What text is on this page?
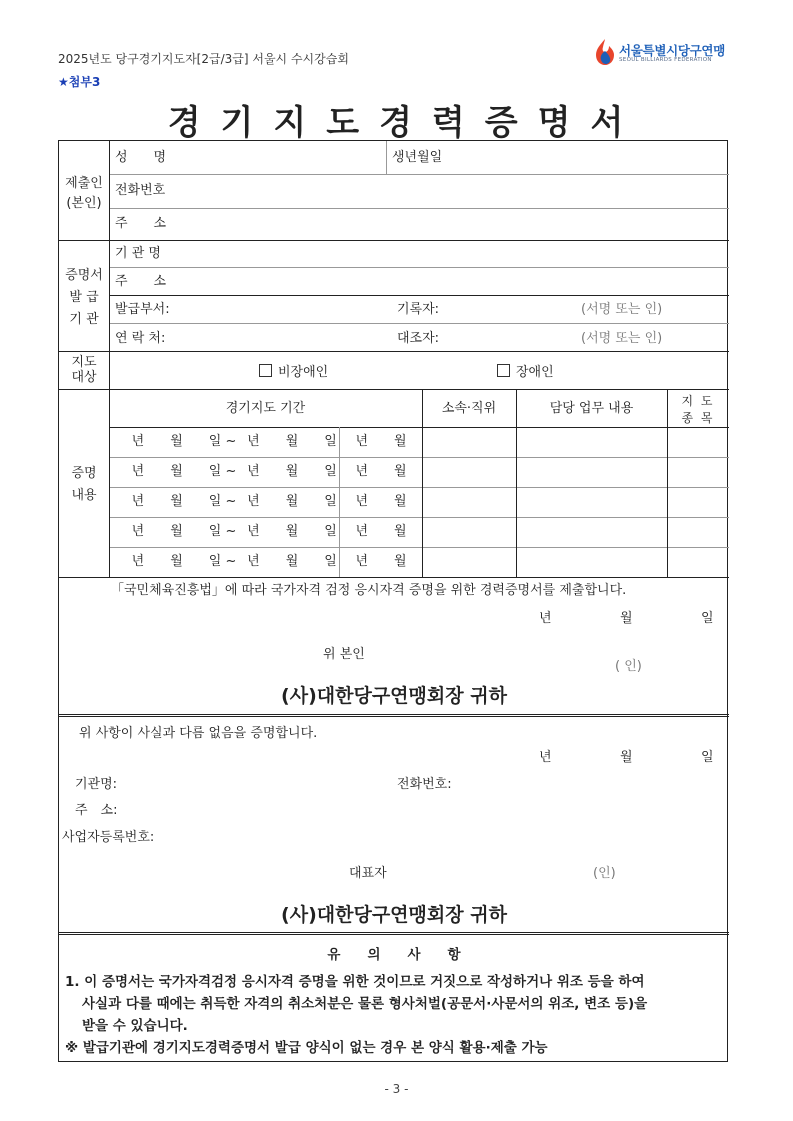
2025년도 당구경기지도자[2급/3급] 서울시 수시강습회
★첨부3
서울특별시당구연맹
SEOUL BILLIARDS FEDERATION
경기지도경력증명서
제출인
(본인)
성　　명	생년월일
전화번호
주　　소
증명서
발 급
기 관
기 관 명
주　　소
발급부서:	기록자:	(서명 또는 인)
연 락 처:	대조자:	(서명 또는 인)
지도
대상	비장애인	장애인
증명
내용
경기지도 기간	소속·직위	담당 업무 내용	지 도
종 목
년　　월　　일 ~ 년　　월　　일	년　　월
년　　월　　일 ~ 년　　월　　일	년　　월
년　　월　　일 ~ 년　　월　　일	년　　월
년　　월　　일 ~ 년　　월　　일	년　　월
년　　월　　일 ~ 년　　월　　일	년　　월
「국민체육진흥법」에 따라 국가자격 검정 응시자격 증명을 위한 경력증명서를 제출합니다.
년	월	일
위 본인
( 인)
(사)대한당구연맹회장 귀하
위 사항이 사실과 다름 없음을 증명합니다.
년	월	일
기관명:	전화번호:
주　소:
사업자등록번호:
대표자	(인)
(사)대한당구연맹회장 귀하
유　　의　　사　　항
1. 이 증명서는 국가자격검정 응시자격 증명을 위한 것이므로 거짓으로 작성하거나 위조 등을 하여
사실과 다를 때에는 취득한 자격의 취소처분은 물론 형사처벌(공문서·사문서의 위조, 변조 등)을
받을 수 있습니다.
※ 발급기관에 경기지도경력증명서 발급 양식이 없는 경우 본 양식 활용·제출 가능
- 3 -
